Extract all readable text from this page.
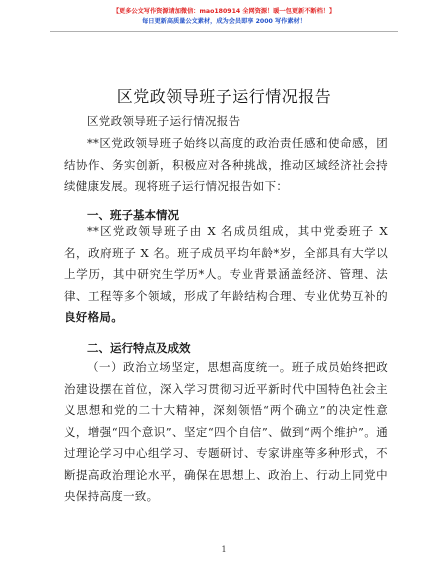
【更多公文写作资源请加微信：mao180914 全网资源！暖一包更新不断档！】
每日更新高质量公文素材，成为会员即享 2000 写作素材！
区党政领导班子运行情况报告

区党政领导班子运行情况报告

**区党政领导班子始终以高度的政治责任感和使命感，团结协作、务实创新，积极应对各种挑战，推动区域经济社会持续健康发展。现将班子运行情况报告如下：

一、班子基本情况

**区党政领导班子由 X 名成员组成，其中党委班子 X 名，政府班子 X 名。班子成员平均年龄*岁，全部具有大学以上学历，其中研究生学历*人。专业背景涵盖经济、管理、法律、工程等多个领域，形成了年龄结构合理、专业优势互补的良好格局。

二、运行特点及成效

（一）政治立场坚定，思想高度统一。班子成员始终把政治建设摆在首位，深入学习贯彻习近平新时代中国特色社会主义思想和党的二十大精神，深刻领悟“两个确立”的决定性意义，增强“四个意识”、坚定“四个自信”、做到“两个维护”。通过理论学习中心组学习、专题研讨、专家讲座等多种形式，不断提高政治理论水平，确保在思想上、政治上、行动上同党中央保持高度一致。

1
